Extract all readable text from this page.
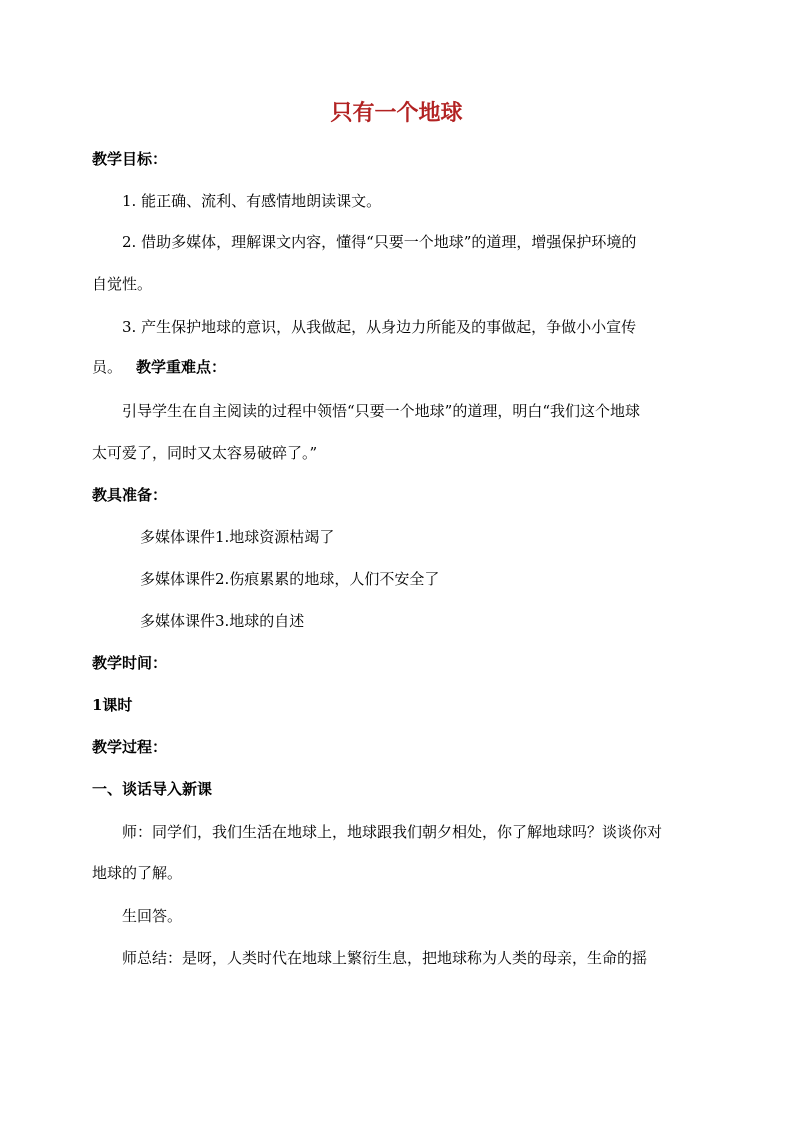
只有一个地球

教学目标：

1. 能正确、流利、有感情地朗读课文。

2. 借助多媒体，理解课文内容，懂得“只要一个地球”的道理，增强保护环境的

自觉性。

3. 产生保护地球的意识，从我做起，从身边力所能及的事做起，争做小小宣传

员。 教学重难点：

引导学生在自主阅读的过程中领悟“只要一个地球”的道理，明白“我们这个地球

太可爱了，同时又太容易破碎了。”

教具准备：

多媒体课件1.地球资源枯竭了

多媒体课件2.伤痕累累的地球，人们不安全了

多媒体课件3.地球的自述

教学时间：

1课时

教学过程：

一、谈话导入新课

师：同学们，我们生活在地球上，地球跟我们朝夕相处，你了解地球吗？谈谈你对

地球的了解。

生回答。

师总结：是呀，人类时代在地球上繁衍生息，把地球称为人类的母亲，生命的摇
